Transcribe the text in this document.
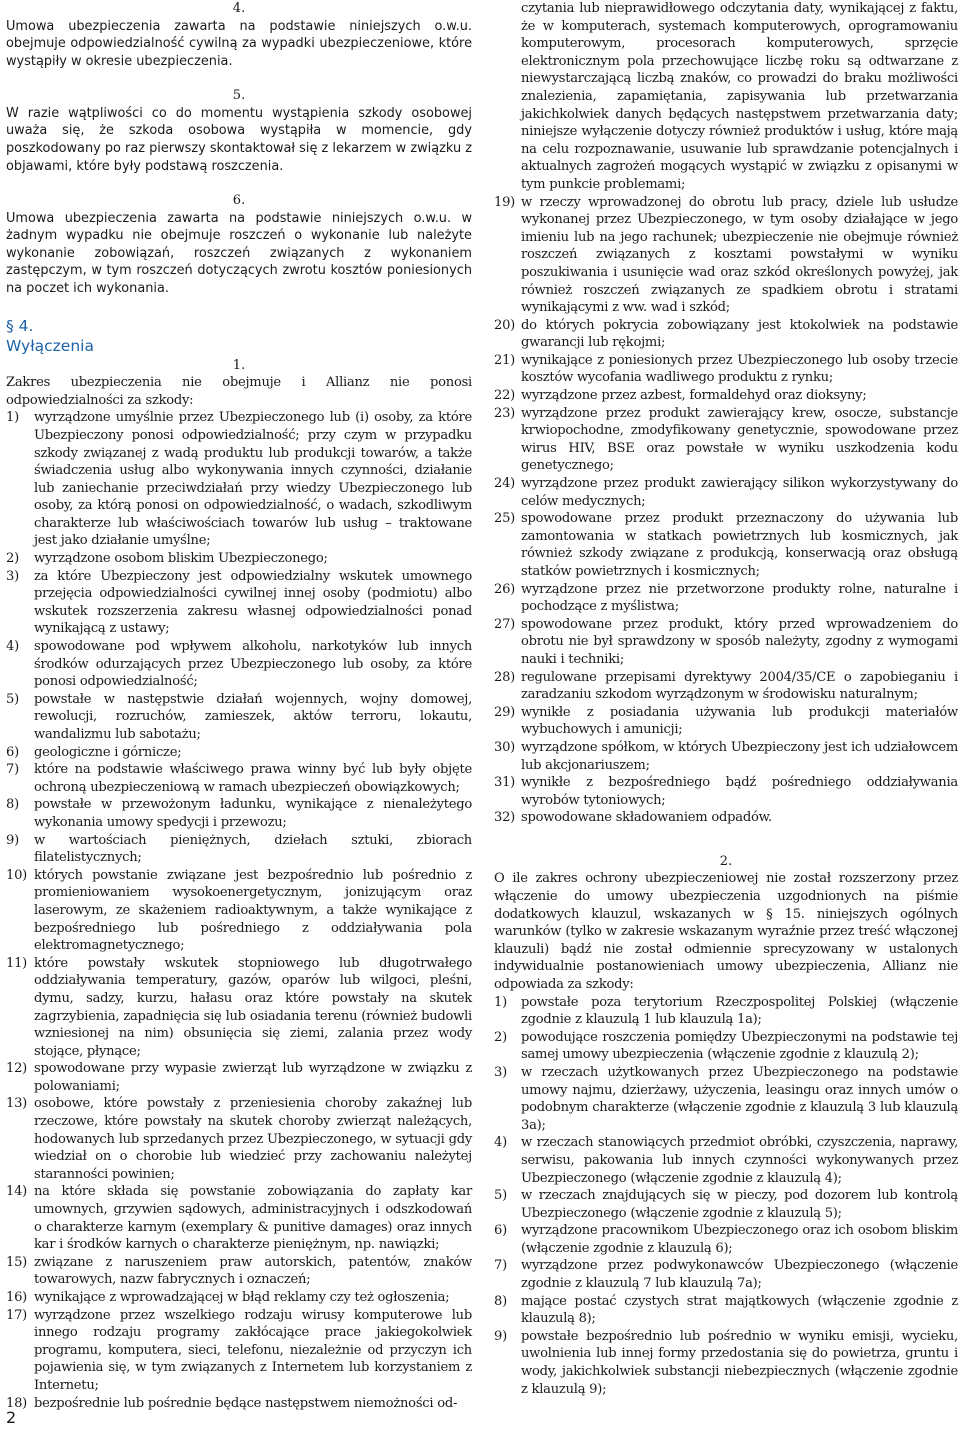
4.

Umowa ubezpieczenia zawarta na podstawie niniejszych o.w.u. obejmuje odpowiedzialność cywilną za wypadki ubezpieczeniowe, które wystąpiły w okresie ubezpieczenia.

5.

W razie wątpliwości co do momentu wystąpienia szkody osobowej uważa się, że szkoda osobowa wystąpiła w momencie, gdy poszkodowany po raz pierwszy skontaktował się z lekarzem w związku z objawami, które były podstawą roszczenia.

6.

Umowa ubezpieczenia zawarta na podstawie niniejszych o.w.u. w żadnym wypadku nie obejmuje roszczeń o wykonanie lub należyte wykonanie zobowiązań, roszczeń związanych z wykonaniem zastępczym, w tym roszczeń dotyczących zwrotu kosztów poniesionych na poczet ich wykonania.

§ 4.
Wyłączenia
1.

Zakres ubezpieczenia nie obejmuje i Allianz nie ponosi odpowiedzialności za szkody:

1) wyrządzone umyślnie przez Ubezpieczonego lub (i) osoby, za które Ubezpieczony ponosi odpowiedzialność; przy czym w przypadku szkody związanej z wadą produktu lub produkcji towarów, a także świadczenia usług albo wykonywania innych czynności, działanie lub zaniechanie przeciwdziałań przy wiedzy Ubezpieczonego lub osoby, za którą ponosi on odpowiedzialność, o wadach, szkodliwym charakterze lub właściwościach towarów lub usług – traktowane jest jako działanie umyślne;
2) wyrządzone osobom bliskim Ubezpieczonego;
3) za które Ubezpieczony jest odpowiedzialny wskutek umownego przejęcia odpowiedzialności cywilnej innej osoby (podmiotu) albo wskutek rozszerzenia zakresu własnej odpowiedzialności ponad wynikającą z ustawy;
4) spowodowane pod wpływem alkoholu, narkotyków lub innych środków odurzających przez Ubezpieczonego lub osoby, za które ponosi odpowiedzialność;
5) powstałe w następstwie działań wojennych, wojny domowej, rewolucji, rozruchów, zamieszek, aktów terroru, lokautu, wandalizmu lub sabotażu;
6) geologiczne i górnicze;
7) które na podstawie właściwego prawa winny być lub były objęte ochroną ubezpieczeniową w ramach ubezpieczeń obowiązkowych;
8) powstałe w przewożonym ładunku, wynikające z nienależytego wykonania umowy spedycji i przewozu;
9) w wartościach pieniężnych, dziełach sztuki, zbiorach filatelistycznych;
10) których powstanie związane jest bezpośrednio lub pośrednio z promieniowaniem wysokoenergetycznym, jonizującym oraz laserowym, ze skażeniem radioaktywnym, a także wynikające z bezpośredniego lub pośredniego z oddziaływania pola elektromagnetycznego;
11) które powstały wskutek stopniowego lub długotrwałego oddziaływania temperatury, gazów, oparów lub wilgoci, pleśni, dymu, sadzy, kurzu, hałasu oraz które powstały na skutek zagrzybienia, zapadnięcia się lub osiadania terenu (również budowli wzniesionej na nim) obsunięcia się ziemi, zalania przez wody stojące, płynące;
12) spowodowane przy wypasie zwierząt lub wyrządzone w związku z polowaniami;
13) osobowe, które powstały z przeniesienia choroby zakaźnej lub rzeczowe, które powstały na skutek choroby zwierząt należących, hodowanych lub sprzedanych przez Ubezpieczonego, w sytuacji gdy wiedział on o chorobie lub wiedzieć przy zachowaniu należytej staranności powinien;
14) na które składa się powstanie zobowiązania do zapłaty kar umownych, grzywien sądowych, administracyjnych i odszkodowań o charakterze karnym (exemplary & punitive damages) oraz innych kar i środków karnych o charakterze pieniężnym, np. nawiązki;
15) związane z naruszeniem praw autorskich, patentów, znaków towarowych, nazw fabrycznych i oznaczeń;
16) wynikające z wprowadzającej w błąd reklamy czy też ogłoszenia;
17) wyrządzone przez wszelkiego rodzaju wirusy komputerowe lub innego rodzaju programy zakłócające prace jakiegokolwiek programu, komputera, sieci, telefonu, niezależnie od przyczyn ich pojawienia się, w tym związanych z Internetem lub korzystaniem z Internetu;
18) bezpośrednie lub pośrednie będące następstwem niemożności od-
czytania lub nieprawidłowego odczytania daty, wynikającej z faktu, że w komputerach, systemach komputerowych, oprogramowaniu komputerowym, procesorach komputerowych, sprzęcie elektronicznym pola przechowujące liczbę roku są odtwarzane z niewystarczającą liczbą znaków, co prowadzi do braku możliwości znalezienia, zapamiętania, zapisywania lub przetwarzania jakichkolwiek danych będących następstwem przetwarzania daty; niniejsze wyłączenie dotyczy również produktów i usług, które mają na celu rozpoznawanie, usuwanie lub sprawdzanie potencjalnych i aktualnych zagrożeń mogących wystąpić w związku z opisanymi w tym punkcie problemami;
19) w rzeczy wprowadzonej do obrotu lub pracy, dziele lub usłudze wykonanej przez Ubezpieczonego, w tym osoby działające w jego imieniu lub na jego rachunek; ubezpieczenie nie obejmuje również roszczeń związanych z kosztami powstałymi w wyniku poszukiwania i usunięcie wad oraz szkód określonych powyżej, jak również roszczeń związanych ze spadkiem obrotu i stratami wynikającymi z ww. wad i szkód;
20) do których pokrycia zobowiązany jest ktokolwiek na podstawie gwarancji lub rękojmi;
21) wynikające z poniesionych przez Ubezpieczonego lub osoby trzecie kosztów wycofania wadliwego produktu z rynku;
22) wyrządzone przez azbest, formaldehyd oraz dioksyny;
23) wyrządzone przez produkt zawierający krew, osocze, substancje krwiopochodne, zmodyfikowany genetycznie, spowodowane przez wirus HIV, BSE oraz powstałe w wyniku uszkodzenia kodu genetycznego;
24) wyrządzone przez produkt zawierający silikon wykorzystywany do celów medycznych;
25) spowodowane przez produkt przeznaczony do używania lub zamontowania w statkach powietrznych lub kosmicznych, jak również szkody związane z produkcją, konserwacją oraz obsługą statków powietrznych i kosmicznych;
26) wyrządzone przez nie przetworzone produkty rolne, naturalne i pochodzące z myślistwa;
27) spowodowane przez produkt, który przed wprowadzeniem do obrotu nie był sprawdzony w sposób należyty, zgodny z wymogami nauki i techniki;
28) regulowane przepisami dyrektywy 2004/35/CE o zapobieganiu i zaradzaniu szkodom wyrządzonym w środowisku naturalnym;
29) wynikłe z posiadania używania lub produkcji materiałów wybuchowych i amunicji;
30) wyrządzone spółkom, w których Ubezpieczony jest ich udziałowcem lub akcjonariuszem;
31) wynikłe z bezpośredniego bądź pośredniego oddziaływania wyrobów tytoniowych;
32) spowodowane składowaniem odpadów.
2.

O ile zakres ochrony ubezpieczeniowej nie został rozszerzony przez włączenie do umowy ubezpieczenia uzgodnionych na piśmie dodatkowych klauzul, wskazanych w § 15. niniejszych ogólnych warunków (tylko w zakresie wskazanym wyraźnie przez treść włączonej klauzuli) bądź nie został odmiennie sprecyzowany w ustalonych indywidualnie postanowieniach umowy ubezpieczenia, Allianz nie odpowiada za szkody:

1) powstałe poza terytorium Rzeczpospolitej Polskiej (włączenie zgodnie z klauzulą 1 lub klauzulą 1a);
2) powodujące roszczenia pomiędzy Ubezpieczonymi na podstawie tej samej umowy ubezpieczenia (włączenie zgodnie z klauzulą 2);
3) w rzeczach użytkowanych przez Ubezpieczonego na podstawie umowy najmu, dzierżawy, użyczenia, leasingu oraz innych umów o podobnym charakterze (włączenie zgodnie z klauzulą 3 lub klauzulą 3a);
4) w rzeczach stanowiących przedmiot obróbki, czyszczenia, naprawy, serwisu, pakowania lub innych czynności wykonywanych przez Ubezpieczonego (włączenie zgodnie z klauzulą 4);
5) w rzeczach znajdujących się w pieczy, pod dozorem lub kontrolą Ubezpieczonego (włączenie zgodnie z klauzulą 5);
6) wyrządzone pracownikom Ubezpieczonego oraz ich osobom bliskim (włączenie zgodnie z klauzulą 6);
7) wyrządzone przez podwykonawców Ubezpieczonego (włączenie zgodnie z klauzulą 7 lub klauzulą 7a);
8) mające postać czystych strat majątkowych (włączenie zgodnie z klauzulą 8);
9) powstałe bezpośrednio lub pośrednio w wyniku emisji, wycieku, uwolnienia lub innej formy przedostania się do powietrza, gruntu i wody, jakichkolwiek substancji niebezpiecznych (włączenie zgodnie z klauzulą 9);
2
